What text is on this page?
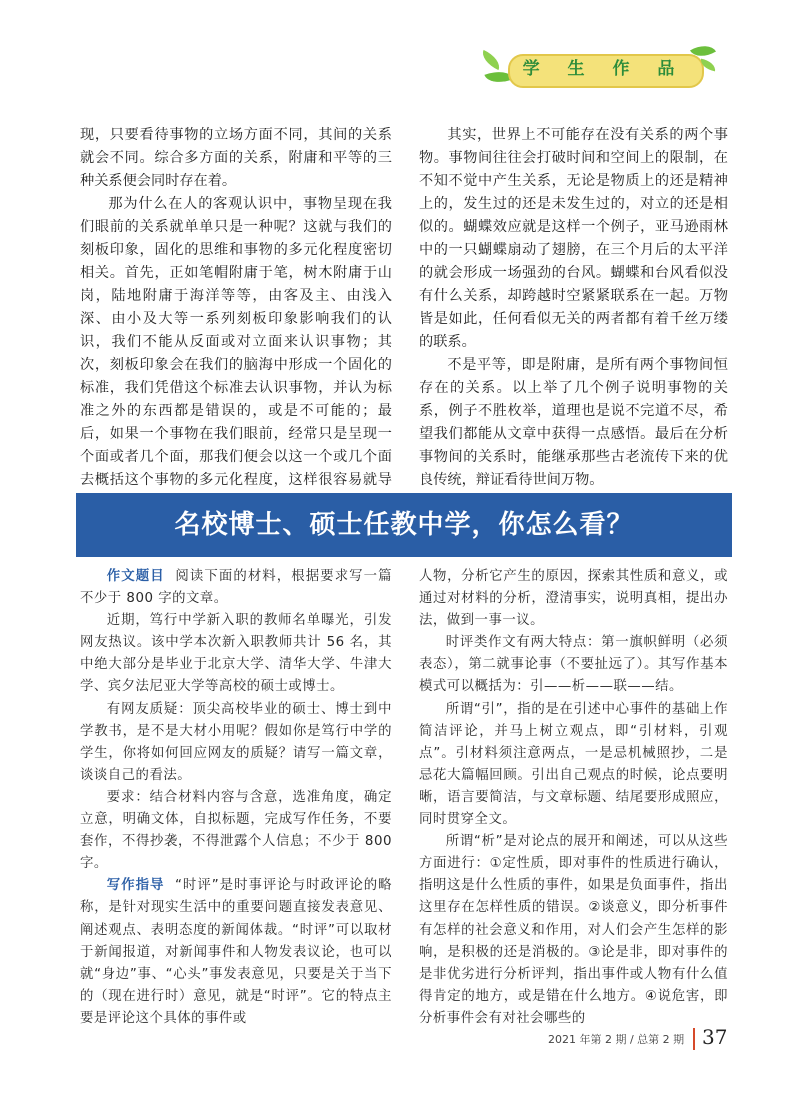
学 生 作 品

现，只要看待事物的立场方面不同，其间的关系就会不同。综合多方面的关系，附庸和平等的三种关系便会同时存在着。

那为什么在人的客观认识中，事物呈现在我们眼前的关系就单单只是一种呢？这就与我们的刻板印象，固化的思维和事物的多元化程度密切相关。首先，正如笔帽附庸于笔，树木附庸于山岗，陆地附庸于海洋等等，由客及主、由浅入深、由小及大等一系列刻板印象影响我们的认识，我们不能从反面或对立面来认识事物；其次，刻板印象会在我们的脑海中形成一个固化的标准，我们凭借这个标准去认识事物，并认为标准之外的东西都是错误的，或是不可能的；最后，如果一个事物在我们眼前，经常只是呈现一个面或者几个面，那我们便会以这一个或几个面去概括这个事物的多元化程度，这样很容易就导

其实，世界上不可能存在没有关系的两个事物。事物间往往会打破时间和空间上的限制，在不知不觉中产生关系，无论是物质上的还是精神上的，发生过的还是未发生过的，对立的还是相似的。蝴蝶效应就是这样一个例子，亚马逊雨林中的一只蝴蝶扇动了翅膀，在三个月后的太平洋的就会形成一场强劲的台风。蝴蝶和台风看似没有什么关系，却跨越时空紧紧联系在一起。万物皆是如此，任何看似无关的两者都有着千丝万缕的联系。

不是平等，即是附庸，是所有两个事物间恒存在的关系。以上举了几个例子说明事物的关系，例子不胜枚举，道理也是说不完道不尽，希望我们都能从文章中获得一点感悟。最后在分析事物间的关系时，能继承那些古老流传下来的优良传统，辩证看待世间万物。

名校博士、硕士任教中学，你怎么看？

作文题目 阅读下面的材料，根据要求写一篇不少于 800 字的文章。

近期，笃行中学新入职的教师名单曝光，引发网友热议。该中学本次新入职教师共计 56 名，其中绝大部分是毕业于北京大学、清华大学、牛津大学、宾夕法尼亚大学等高校的硕士或博士。

有网友质疑：顶尖高校毕业的硕士、博士到中学教书，是不是大材小用呢？假如你是笃行中学的学生，你将如何回应网友的质疑？请写一篇文章，谈谈自己的看法。

要求：结合材料内容与含意，选准角度，确定立意，明确文体，自拟标题，完成写作任务，不要套作，不得抄袭，不得泄露个人信息；不少于 800 字。

写作指导 “时评”是时事评论与时政评论的略称，是针对现实生活中的重要问题直接发表意见、阐述观点、表明态度的新闻体裁。“时评”可以取材于新闻报道，对新闻事件和人物发表议论，也可以就“身边”事、“心头”事发表意见，只要是关于当下的（现在进行时）意见，就是“时评”。它的特点主要是评论这个具体的事件或

人物，分析它产生的原因，探索其性质和意义，或通过对材料的分析，澄清事实，说明真相，提出办法，做到一事一议。

时评类作文有两大特点：第一旗帜鲜明（必须表态），第二就事论事（不要扯远了）。其写作基本模式可以概括为：引——析——联——结。

所谓“引”，指的是在引述中心事件的基础上作简洁评论，并马上树立观点，即“引材料，引观点”。引材料须注意两点，一是忌机械照抄，二是忌花大篇幅回顾。引出自己观点的时候，论点要明晰，语言要简洁，与文章标题、结尾要形成照应，同时贯穿全文。

所谓“析”是对论点的展开和阐述，可以从这些方面进行：①定性质，即对事件的性质进行确认，指明这是什么性质的事件，如果是负面事件，指出这里存在怎样性质的错误。②谈意义，即分析事件有怎样的社会意义和作用，对人们会产生怎样的影响，是积极的还是消极的。③论是非，即对事件的是非优劣进行分析评判，指出事件或人物有什么值得肯定的地方，或是错在什么地方。④说危害，即分析事件会有对社会哪些的

2021 年第 2 期 / 总第 2 期 37
